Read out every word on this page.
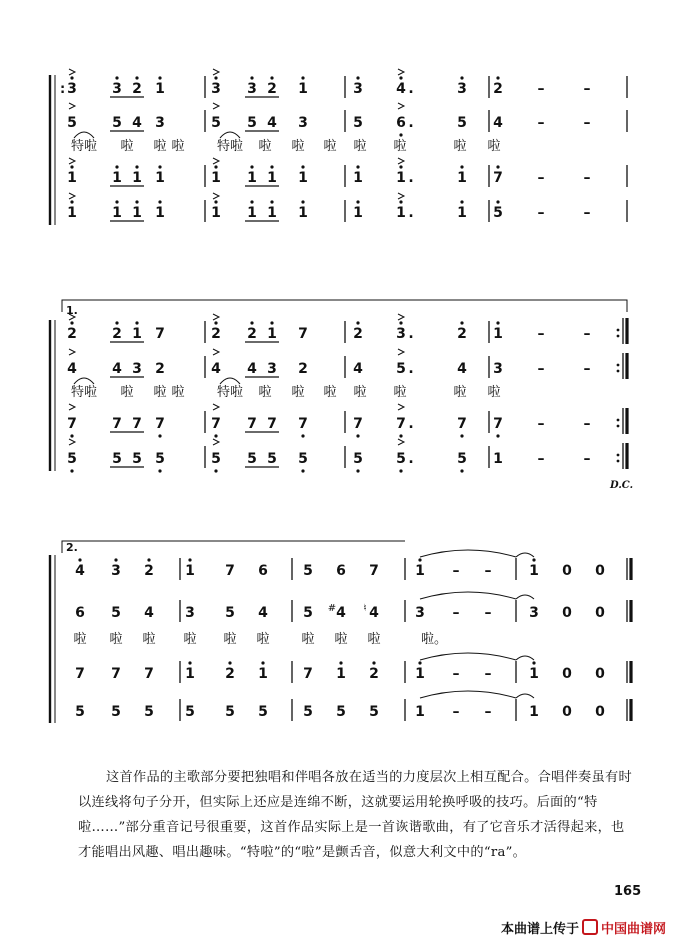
3	3 2 1	3 3 2 1	3 4 .	3 2 –	–
5	5 4 3	5 5 4 3	5 6 .	5 4 –	–
1	1 1 1	1 1 1 1	1 1 .	1 7 –	–
1	1 1 1	1 1 1 1	1 1 .	1 5 –	–
特啦 啦 啦 啦 特啦 啦 啦 啦 啦 啦	啦 啦
:
1.
2	2 1 7	2 2 1 7	2 3 .	2 1 –	–
4	4 3 2	4 4 3 2	4 5 .	4 3 –	–
7	7 7 7	7 7 7 7	7 7 .	7 7 –	–
5	5 5 5	5 5 5 5	5 5 .	5 1 –	–
特啦 啦 啦 啦 特啦 啦 啦 啦 啦 啦	啦 啦
D.C.
2.
4 3 2 1 7 6	5 6 7	1 – –	1 0 0
6 5 4 3 5 4	5 # 4 ♮ 4	3 – –	3 0 0
7 7 7 1 2 1	7 1 2	1 – –	1 0 0
5 5 5 5 5 5	5 5 5	1 – –	1 0 0
啦 啦 啦 啦 啦 啦 啦 啦 啦	啦。

这首作品的主歌部分要把独唱和伴唱各放在适当的力度层次上相互配合。合唱伴奏虽有时以连线将句子分开，但实际上还应是连绵不断，这就要运用轮换呼吸的技巧。后面的“特啦……”部分重音记号很重要，这首作品实际上是一首诙谐歌曲，有了它音乐才活得起来，也才能唱出风趣、唱出趣味。“特啦”的“啦”是颤舌音，似意大利文中的“ra”。

165
本曲谱上传于 中国曲谱网
